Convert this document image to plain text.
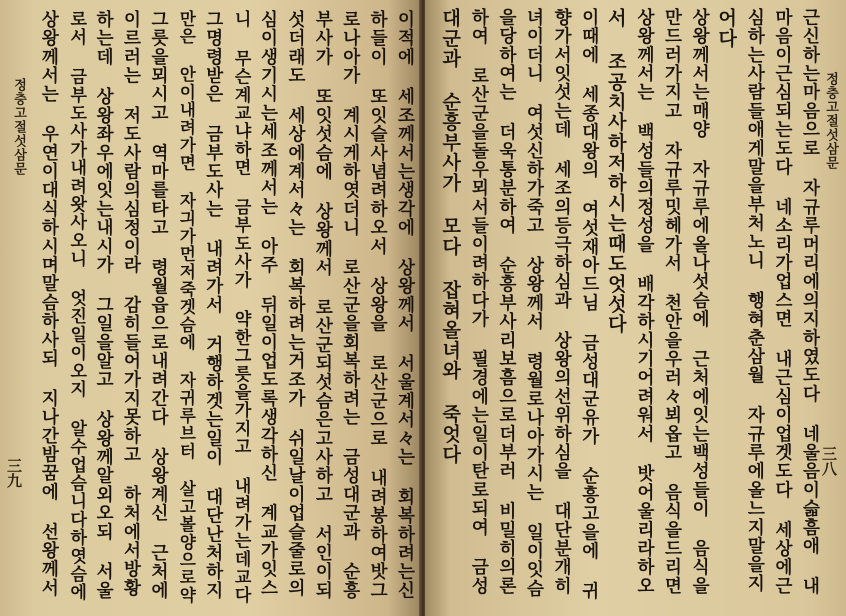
정충고절섯삼문
三九	이적에 세조께서는생각에 상왕께서 서울계서々는 회복하려는신
하들이 또잇슬사념려하오서 상왕을 로산군으로 내려봉하여밧그
로나아가 계시게하엿더니 로산군을회복하려는 금성대군과 순흥
부사가 또잇섯슴에 상왕께서 로산군되섯슴은고사하고 서인이되
섯더래도 세상에계서々는 회복하려는거조가 쉬일날이업슬줄로의
심이생기시는세조께서는 아주 뒤일이업도록생각하신 계교가잇스
니 무슨계교냐하면 금부도사가 약한그릇을가지고 내려가는데교다
그명령받은 금부도사는 내려가서 거행하겟는일이 대단난처하지
만은 안이내려가면 자긔가먼저죽겟슴에 자귀루브터 살고볼양으로약
그릇을뫼시고 역마를타고 령월읍으로내려간다 상왕계신 근처에
이르러는 저도사람의심정이라 감히들어가지못하고 하처에서방황
하는데 상왕좌우에잇는내시가 그일을알고 상왕께알외오되 서울
로서 금부도사가내려왓사오니 엇진일이오지 알수업슴니다하엿슴에
상왕께서는 우연이대식하시며말슴하사되 지나간밤꿈에 선왕께서	정충고절섯삼문
三八
근신하는마음으로 자규루머리에의지하였도다 네울음이슯흠애 내
마음이근심되는도다 네소리가업스면 내근심이업겟도다 세상에근
심하는사람들애게말을부처노니 행혀춘삼월 자규루에올느지말을지
어다
상왕께서는매양 자규루에올나섯슴에 근처에잇는백성들이 음식을
만드러가지고 자규루밋헤가서 천안을우러々뵈옵고 음식을드리면
상왕께서는 백성들의정성을 배각하시기어려워서 밧어울리라하오
서 조공치사하저하시는때도엇섯다
이때에 세종대왕의 여섯재아드님 금성대군유가 순흥고을에 귀
향가서잇섯는데 세조의등극하심과 상왕의선위하심을 대단분개히
녀이더니 여섯신하가죽고 상왕께서 령월로나아가시는 일이잇슴
을당하여는 더욱통분하여 순흥부사리보흠으로더부러 비밀히의론
하여 로산군을돌우뫼서들이려하다가 필경에는일이탄로되여 금성
대군과 순흥부사가 모다 잡혀올녀와 죽엇다
